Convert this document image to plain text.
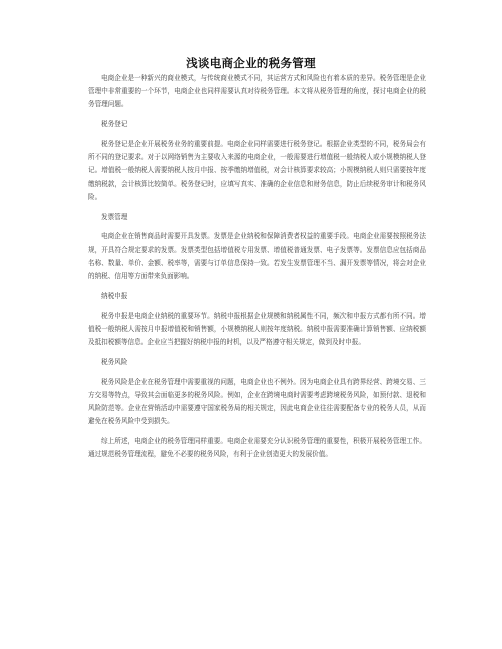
浅谈电商企业的税务管理

电商企业是一种新兴的商业模式，与传统商业模式不同，其运营方式和风险也有着本质的差异。税务管理是企业管理中非常重要的一个环节，电商企业也同样需要认真对待税务管理。本文将从税务管理的角度，探讨电商企业的税务管理问题。

税务登记

税务登记是企业开展税务业务的重要前提。电商企业同样需要进行税务登记。根据企业类型的不同，税务局会有所不同的登记要求。对于以网络销售为主要收入来源的电商企业，一般需要进行增值税一般纳税人或小规模纳税人登记。增值税一般纳税人需要纳税人按月申报、按季缴纳增值税，对会计核算要求较高；小规模纳税人则只需要按年度缴纳税款，会计核算比较简单。税务登记时，应填写真实、准确的企业信息和财务信息，防止后续税务审计和税务风险。

发票管理

电商企业在销售商品时需要开具发票。发票是企业纳税和保障消费者权益的重要手段。电商企业需要按照税务法规，开具符合规定要求的发票。发票类型包括增值税专用发票、增值税普通发票、电子发票等。发票信息应包括商品名称、数量、单价、金额、税率等，需要与订单信息保持一致。若发生发票管理不当、漏开发票等情况，将会对企业的纳税、信用等方面带来负面影响。

纳税申报

税务申报是电商企业纳税的重要环节。纳税申报根据企业规模和纳税属性不同，频次和申报方式都有所不同。增值税一般纳税人需按月申报增值税和销售额，小规模纳税人则按年度纳税。纳税申报需要准确计算销售额、应纳税额及抵扣税额等信息。企业应当把握好纳税申报的时机，以及严格遵守相关规定，做到及时申报。

税务风险

税务风险是企业在税务管理中需要重视的问题，电商企业也不例外。因为电商企业具有跨界经营、跨境交易、三方交易等特点，导致其会面临更多的税务风险。例如，企业在跨境电商时需要考虑跨境税务风险，如预付款、退税和风险防范等。企业在营销活动中需要遵守国家税务局的相关规定，因此电商企业往往需要配备专业的税务人员，从而避免在税务风险中受到损失。

综上所述，电商企业的税务管理同样重要。电商企业需要充分认识税务管理的重要性，积极开展税务管理工作。通过规范税务管理流程，避免不必要的税务风险，有利于企业创造更大的发展价值。
